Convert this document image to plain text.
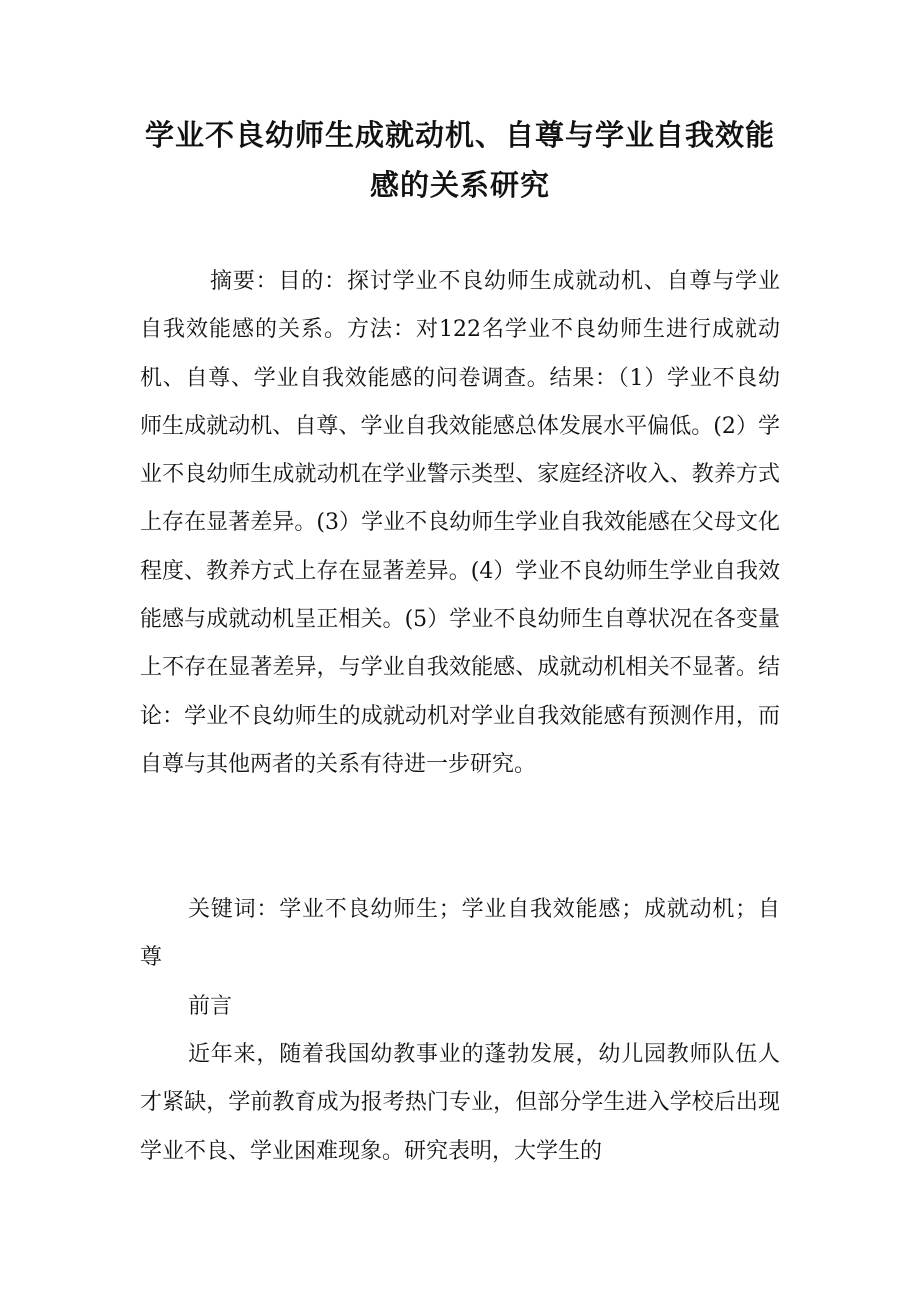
学业不良幼师生成就动机、自尊与学业自我效能
感的关系研究

摘要：目的：探讨学业不良幼师生成就动机、自尊与学业自我效能感的关系。方法：对122名学业不良幼师生进行成就动机、自尊、学业自我效能感的问卷调查。结果：（1）学业不良幼师生成就动机、自尊、学业自我效能感总体发展水平偏低。(2）学业不良幼师生成就动机在学业警示类型、家庭经济收入、教养方式上存在显著差异。(3）学业不良幼师生学业自我效能感在父母文化程度、教养方式上存在显著差异。(4）学业不良幼师生学业自我效能感与成就动机呈正相关。(5）学业不良幼师生自尊状况在各变量上不存在显著差异，与学业自我效能感、成就动机相关不显著。结论：学业不良幼师生的成就动机对学业自我效能感有预测作用，而自尊与其他两者的关系有待进一步研究。

关键词：学业不良幼师生；学业自我效能感；成就动机；自尊

前言

近年来，随着我国幼教事业的蓬勃发展，幼儿园教师队伍人才紧缺，学前教育成为报考热门专业，但部分学生进入学校后出现学业不良、学业困难现象。研究表明，大学生的
